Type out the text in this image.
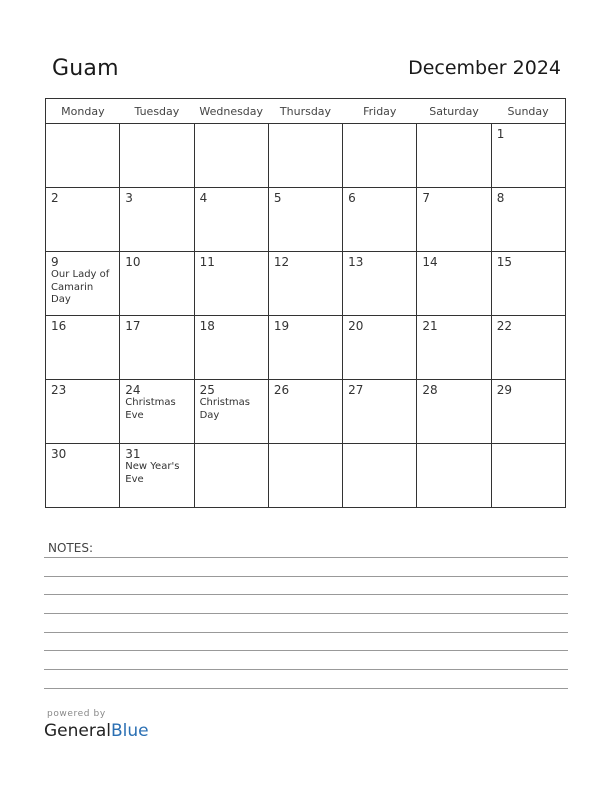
Guam	December 2024
Monday	Tuesday	Wednesday	Thursday	Friday	Saturday	Sunday

						1

2	3	4	5	6	7	8

9
Our Lady of
Camarin
Day	10	11	12	13	14	15

16	17	18	19	20	21	22

23	24
Christmas
Eve	25
Christmas
Day	26	27	28	29

30	31
New Year's
Eve					

NOTES:
powered by
GeneralBlue
